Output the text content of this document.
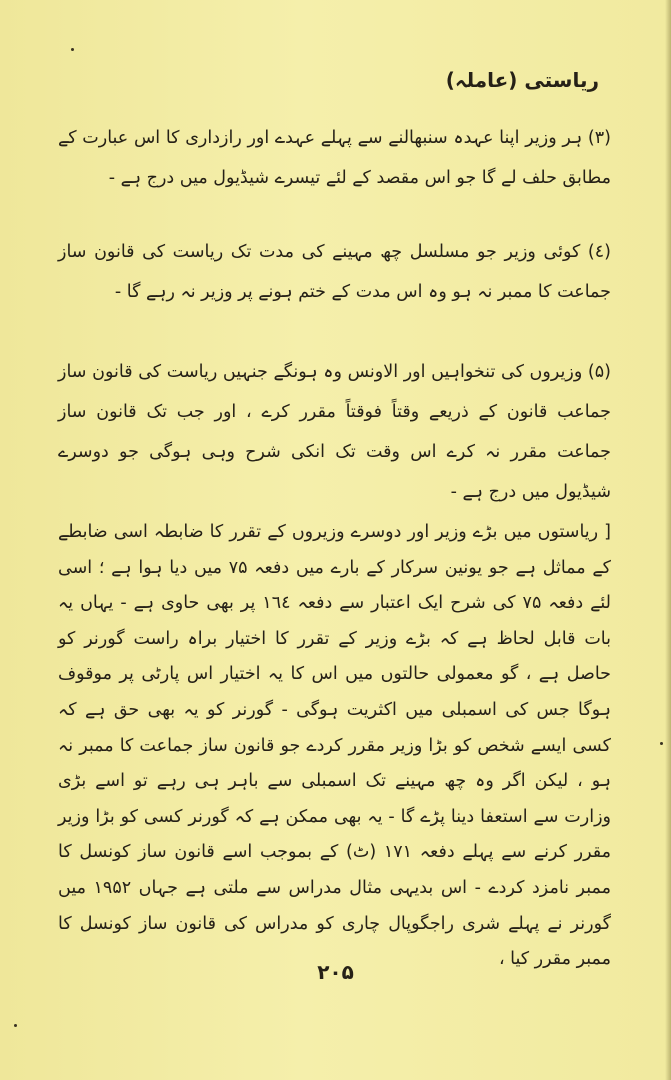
ریاستی (عاملہ)

(۳) ہر وزیر اپنا عہدہ سنبھالنے سے پہلے عہدے اور رازداری کا اس عبارت کے مطابق حلف لے گا جو اس مقصد کے لئے تیسرے شیڈیول میں درج ہے -

(٤) کوئی وزیر جو مسلسل چھ مہینے کی مدت تک ریاست کی قانون ساز جماعت کا ممبر نہ ہو وہ اس مدت کے ختم ہونے پر وزیر نہ رہے گا -

(۵) وزیروں کی تنخواہیں اور الاونس وہ ہونگے جنہیں ریاست کی قانون ساز جماعب قانون کے ذریعے وقتاً فوقتاً مقرر کرے ، اور جب تک قانون ساز جماعت مقرر نہ کرے اس وقت تک انکی شرح وہی ہوگی جو دوسرے شیڈیول میں درج ہے -

[ ریاستوں میں بڑے وزیر اور دوسرے وزیروں کے تقرر کا ضابطہ اسی ضابطے کے مماثل ہے جو یونین سرکار کے بارے میں دفعہ ۷۵ میں دیا ہوا ہے ؛ اسی لئے دفعہ ۷۵ کی شرح ایک اعتبار سے دفعہ ١٦٤ پر بھی حاوی ہے - یہاں یہ بات قابل لحاظ ہے کہ بڑے وزیر کے تقرر کا اختیار براہ راست گورنر کو حاصل ہے ، گو معمولی حالتوں میں اس کا یہ اختیار اس پارٹی پر موقوف ہوگا جس کی اسمبلی میں اکثریت ہوگی - گورنر کو یہ بھی حق ہے کہ کسی ایسے شخص کو بڑا وزیر مقرر کردے جو قانون ساز جماعت کا ممبر نہ ہو ، لیکن اگر وہ چھ مہینے تک اسمبلی سے باہر ہی رہے تو اسے بڑی وزارت سے استعفا دینا پڑے گا - یہ بھی ممکن ہے کہ گورنر کسی کو بڑا وزیر مقرر کرنے سے پہلے دفعہ ۱۷۱ (ٹ) کے بموجب اسے قانون ساز کونسل کا ممبر نامزد کردے - اس بدیہی مثال مدراس سے ملتی ہے جہاں ۱۹۵۲ میں گورنر نے پہلے شری راجگوپال چاری کو مدراس کی قانون ساز کونسل کا ممبر مقرر کیا ،

۲۰۵
